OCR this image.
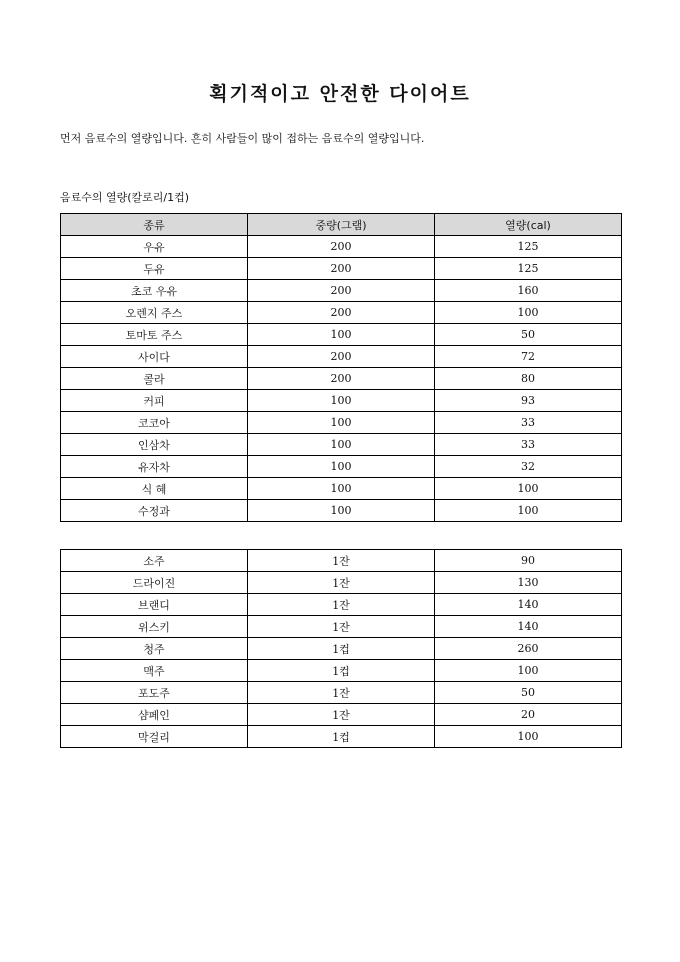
획기적이고 안전한 다이어트
먼저 음료수의 열량입니다. 흔히 사람들이 많이 접하는 음료수의 열량입니다.
음료수의 열량(칼로리/1컵)
종류	중량(그램)	열량(cal)
우유	200	125
두유	200	125
초코 우유	200	160
오렌지 주스	200	100
토마토 주스	100	50
사이다	200	72
콜라	200	80
커피	100	93
코코아	100	33
인삼차	100	33
유자차	100	32
식 혜	100	100
수정과	100	100
소주	1잔	90
드라이진	1잔	130
브랜디	1잔	140
위스키	1잔	140
청주	1컵	260
맥주	1컵	100
포도주	1잔	50
샴페인	1잔	20
막걸리	1컵	100
